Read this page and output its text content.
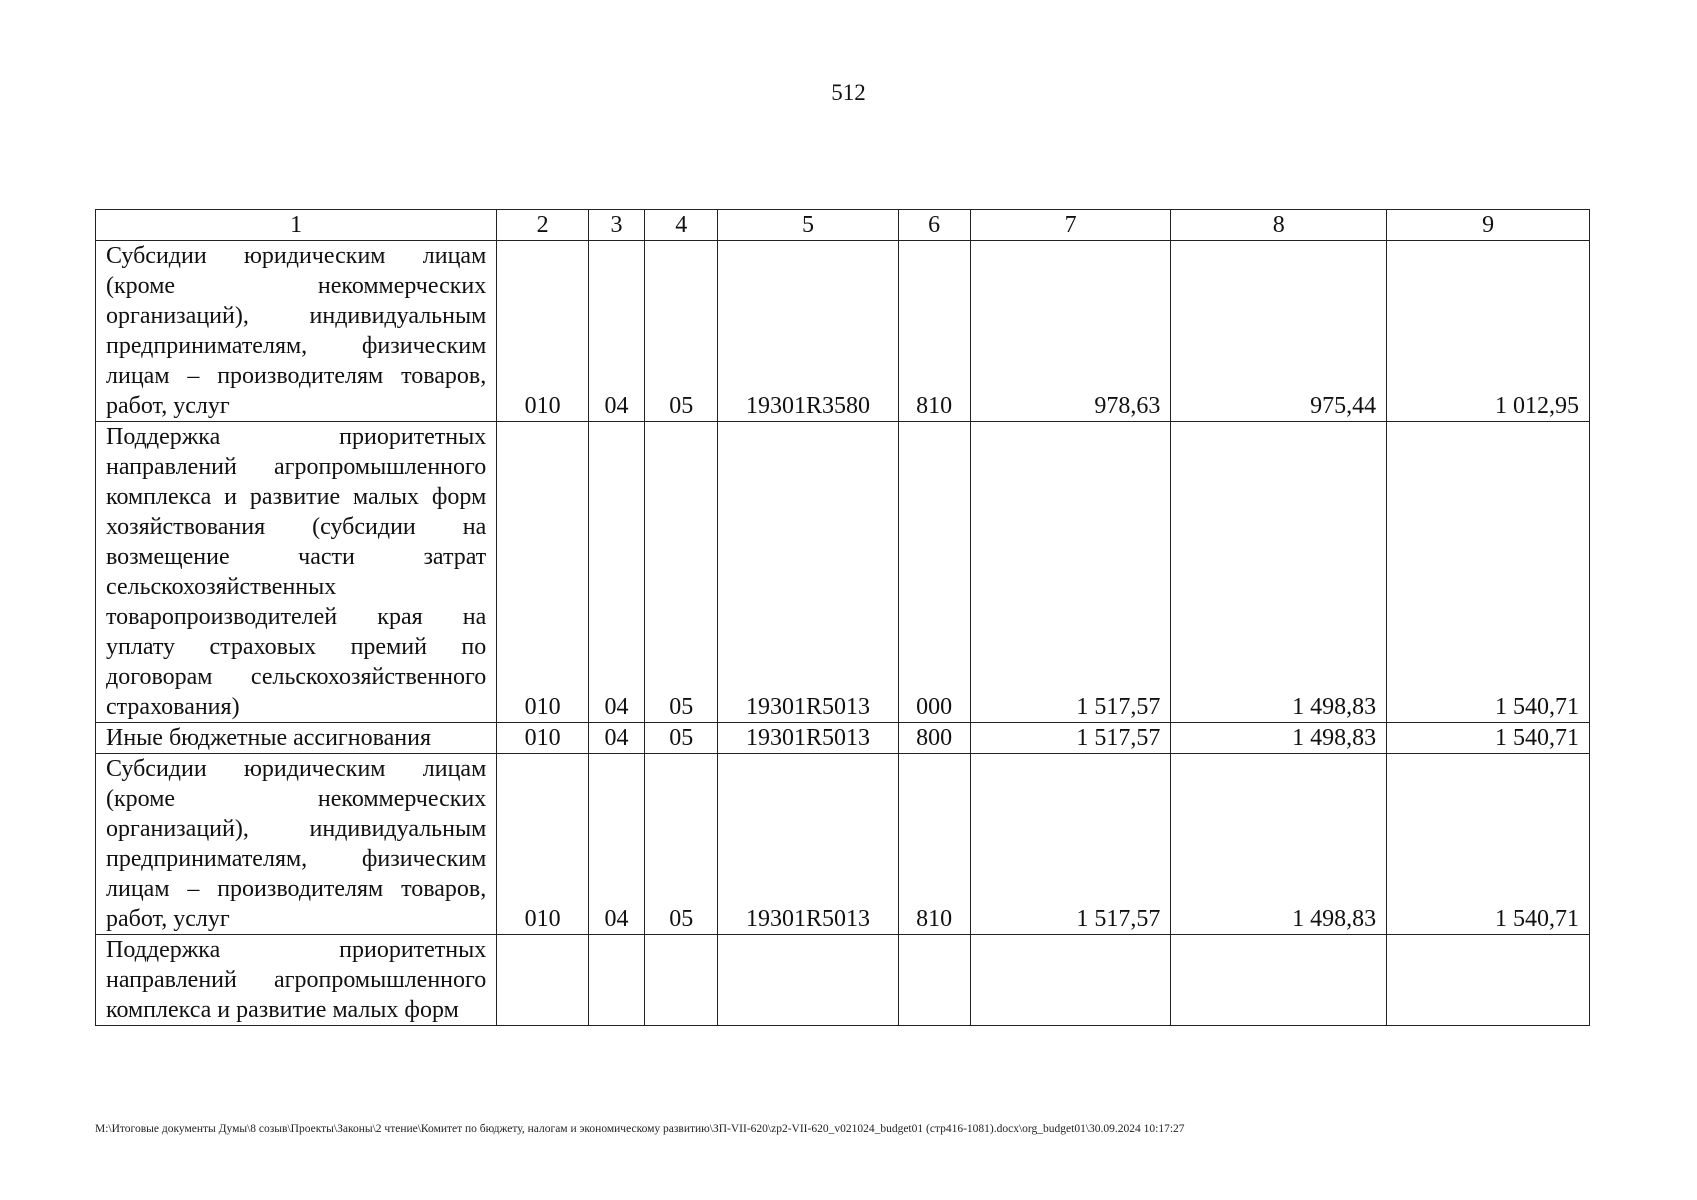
512
1	2	3	4	5	6	7	8	9
Субсидии юридическим лицам (кроме некоммерческих организаций), индивидуальным предпринимателям, физическим лицам – производителям товаров, работ, услуг	010	04	05	19301R3580	810	978,63	975,44	1 012,95
Поддержка приоритетных направлений агропромышленного комплекса и развитие малых форм хозяйствования (субсидии на возмещение части затрат сельскохозяйственных товаропроизводителей края на уплату страховых премий по договорам сельскохозяйственного страхования)	010	04	05	19301R5013	000	1 517,57	1 498,83	1 540,71
Иные бюджетные ассигнования	010	04	05	19301R5013	800	1 517,57	1 498,83	1 540,71
Субсидии юридическим лицам (кроме некоммерческих организаций), индивидуальным предпринимателям, физическим лицам – производителям товаров, работ, услуг	010	04	05	19301R5013	810	1 517,57	1 498,83	1 540,71
Поддержка приоритетных направлений агропромышленного комплекса и развитие малых форм								
M:\Итоговые документы Думы\8 созыв\Проекты\Законы\2 чтение\Комитет по бюджету, налогам и экономическому развитию\ЗП-VII-620\zp2-VII-620_v021024_budget01 (стр416-1081).docx\org_budget01\30.09.2024 10:17:27
